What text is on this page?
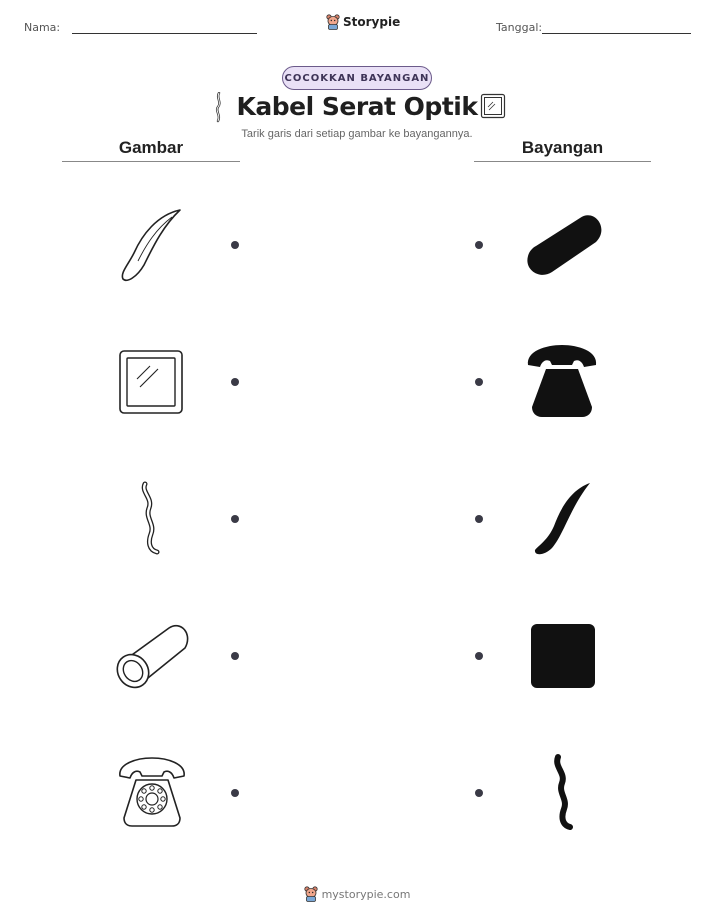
Nama:	Storypie	Tanggal:
COCOKKAN BAYANGAN
Kabel Serat Optik
Tarik garis dari setiap gambar ke bayangannya.
Gambar	Bayangan
mystorypie.com
